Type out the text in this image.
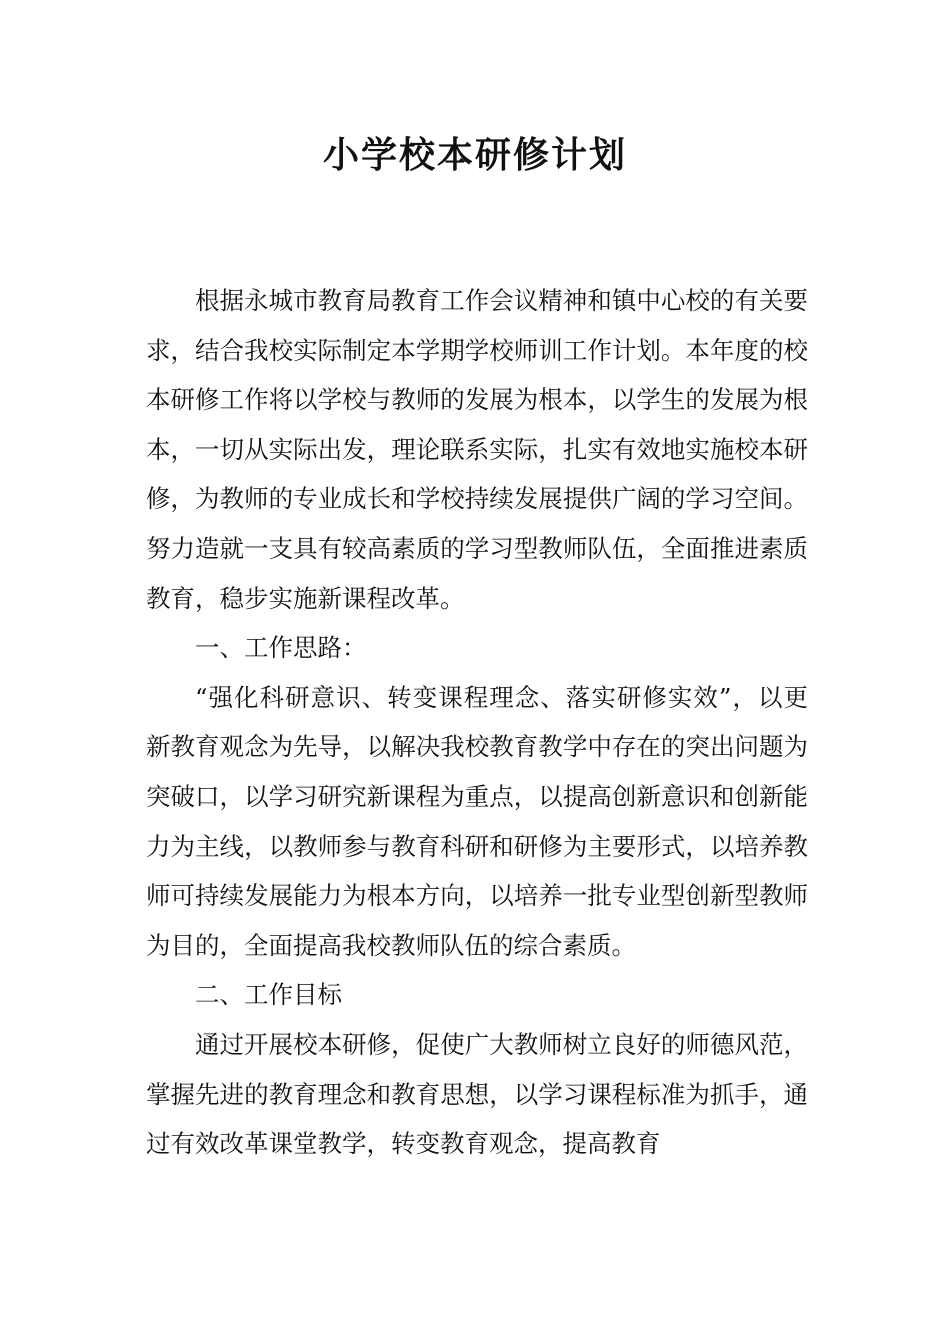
小学校本研修计划

根据永城市教育局教育工作会议精神和镇中心校的有关要求，结合我校实际制定本学期学校师训工作计划。本年度的校本研修工作将以学校与教师的发展为根本，以学生的发展为根本，一切从实际出发，理论联系实际，扎实有效地实施校本研修，为教师的专业成长和学校持续发展提供广阔的学习空间。努力造就一支具有较高素质的学习型教师队伍，全面推进素质教育，稳步实施新课程改革。

一、工作思路：

“强化科研意识、转变课程理念、落实研修实效”，以更新教育观念为先导，以解决我校教育教学中存在的突出问题为突破口，以学习研究新课程为重点，以提高创新意识和创新能力为主线，以教师参与教育科研和研修为主要形式，以培养教师可持续发展能力为根本方向，以培养一批专业型创新型教师为目的，全面提高我校教师队伍的综合素质。

二、工作目标

通过开展校本研修，促使广大教师树立良好的师德风范，掌握先进的教育理念和教育思想，以学习课程标准为抓手，通过有效改革课堂教学，转变教育观念，提高教育
